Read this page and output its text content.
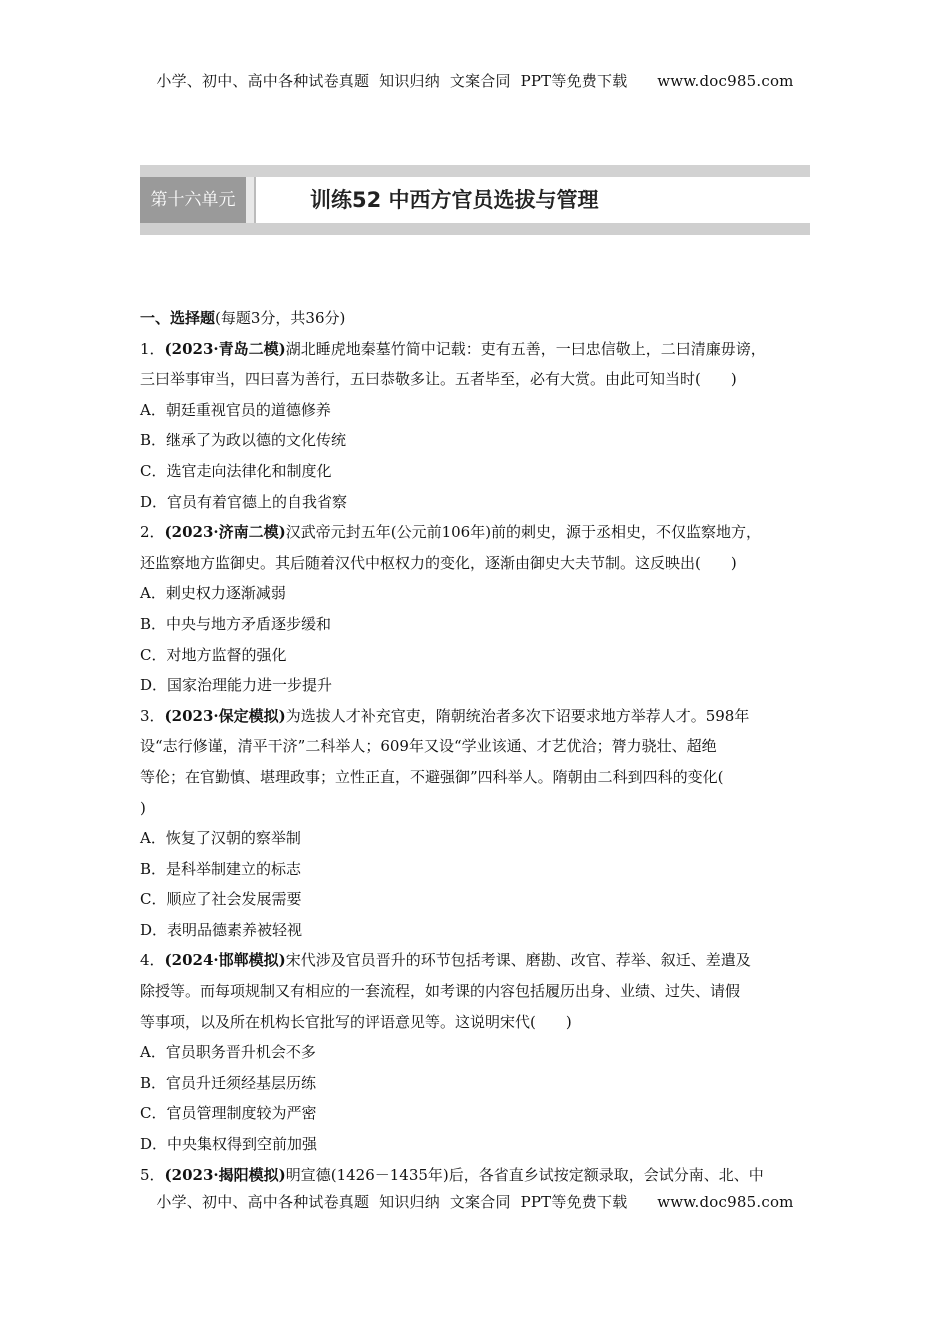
小学、初中、高中各种试卷真题  知识归纳  文案合同  PPT等免费下载      www.doc985.com
第十六单元	训练52 中西方官员选拔与管理

一、选择题(每题3分，共36分)

1．(2023·青岛二模)湖北睡虎地秦墓竹简中记载：吏有五善，一曰忠信敬上，二曰清廉毋谤，

三曰举事审当，四曰喜为善行，五曰恭敬多让。五者毕至，必有大赏。由此可知当时(　　)

A．朝廷重视官员的道德修养

B．继承了为政以德的文化传统

C．选官走向法律化和制度化

D．官员有着官德上的自我省察

2．(2023·济南二模)汉武帝元封五年(公元前106年)前的刺史，源于丞相史，不仅监察地方，

还监察地方监御史。其后随着汉代中枢权力的变化，逐渐由御史大夫节制。这反映出(　　)

A．刺史权力逐渐减弱

B．中央与地方矛盾逐步缓和

C．对地方监督的强化

D．国家治理能力进一步提升

3．(2023·保定模拟)为选拔人才补充官吏，隋朝统治者多次下诏要求地方举荐人才。598年

设“志行修谨，清平干济”二科举人；609年又设“学业该通、才艺优洽；膂力骁壮、超绝

等伦；在官勤慎、堪理政事；立性正直，不避强御”四科举人。隋朝由二科到四科的变化(

)

A．恢复了汉朝的察举制

B．是科举制建立的标志

C．顺应了社会发展需要

D．表明品德素养被轻视

4．(2024·邯郸模拟)宋代涉及官员晋升的环节包括考课、磨勘、改官、荐举、叙迁、差遣及

除授等。而每项规制又有相应的一套流程，如考课的内容包括履历出身、业绩、过失、请假

等事项，以及所在机构长官批写的评语意见等。这说明宋代(　　)

A．官员职务晋升机会不多

B．官员升迁须经基层历练

C．官员管理制度较为严密

D．中央集权得到空前加强

5．(2023·揭阳模拟)明宣德(1426－1435年)后，各省直乡试按定额录取，会试分南、北、中

小学、初中、高中各种试卷真题  知识归纳  文案合同  PPT等免费下载      www.doc985.com
